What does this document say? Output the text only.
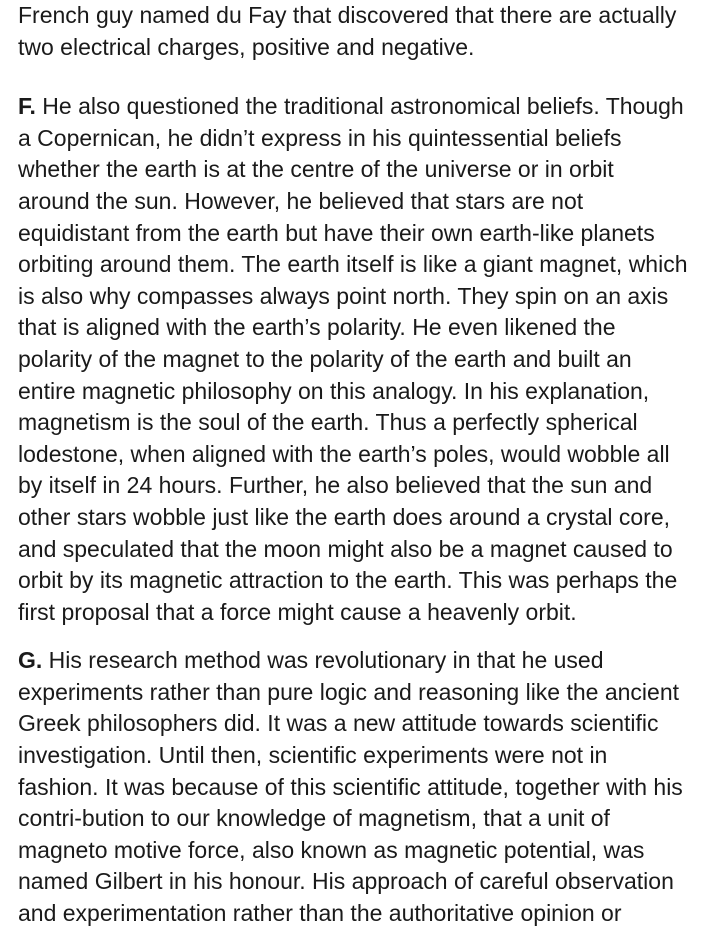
French guy named du Fay that discovered that there are actually
two electrical charges, positive and negative.

F. He also questioned the traditional astronomical beliefs. Though
a Copernican, he didn’t express in his quintessential beliefs
whether the earth is at the centre of the universe or in orbit
around the sun. However, he believed that stars are not
equidistant from the earth but have their own earth-like planets
orbiting around them. The earth itself is like a giant magnet, which
is also why compasses always point north. They spin on an axis
that is aligned with the earth’s polarity. He even likened the
polarity of the magnet to the polarity of the earth and built an
entire magnetic philosophy on this analogy. In his explanation,
magnetism is the soul of the earth. Thus a perfectly spherical
lodestone, when aligned with the earth’s poles, would wobble all
by itself in 24 hours. Further, he also believed that the sun and
other stars wobble just like the earth does around a crystal core,
and speculated that the moon might also be a magnet caused to
orbit by its magnetic attraction to the earth. This was perhaps the
first proposal that a force might cause a heavenly orbit.

G. His research method was revolutionary in that he used
experiments rather than pure logic and reasoning like the ancient
Greek philosophers did. It was a new attitude towards scientific
investigation. Until then, scientific experiments were not in
fashion. It was because of this scientific attitude, together with his
contri-bution to our knowledge of magnetism, that a unit of
magneto motive force, also known as magnetic potential, was
named Gilbert in his honour. His approach of careful observation
and experimentation rather than the authoritative opinion or
